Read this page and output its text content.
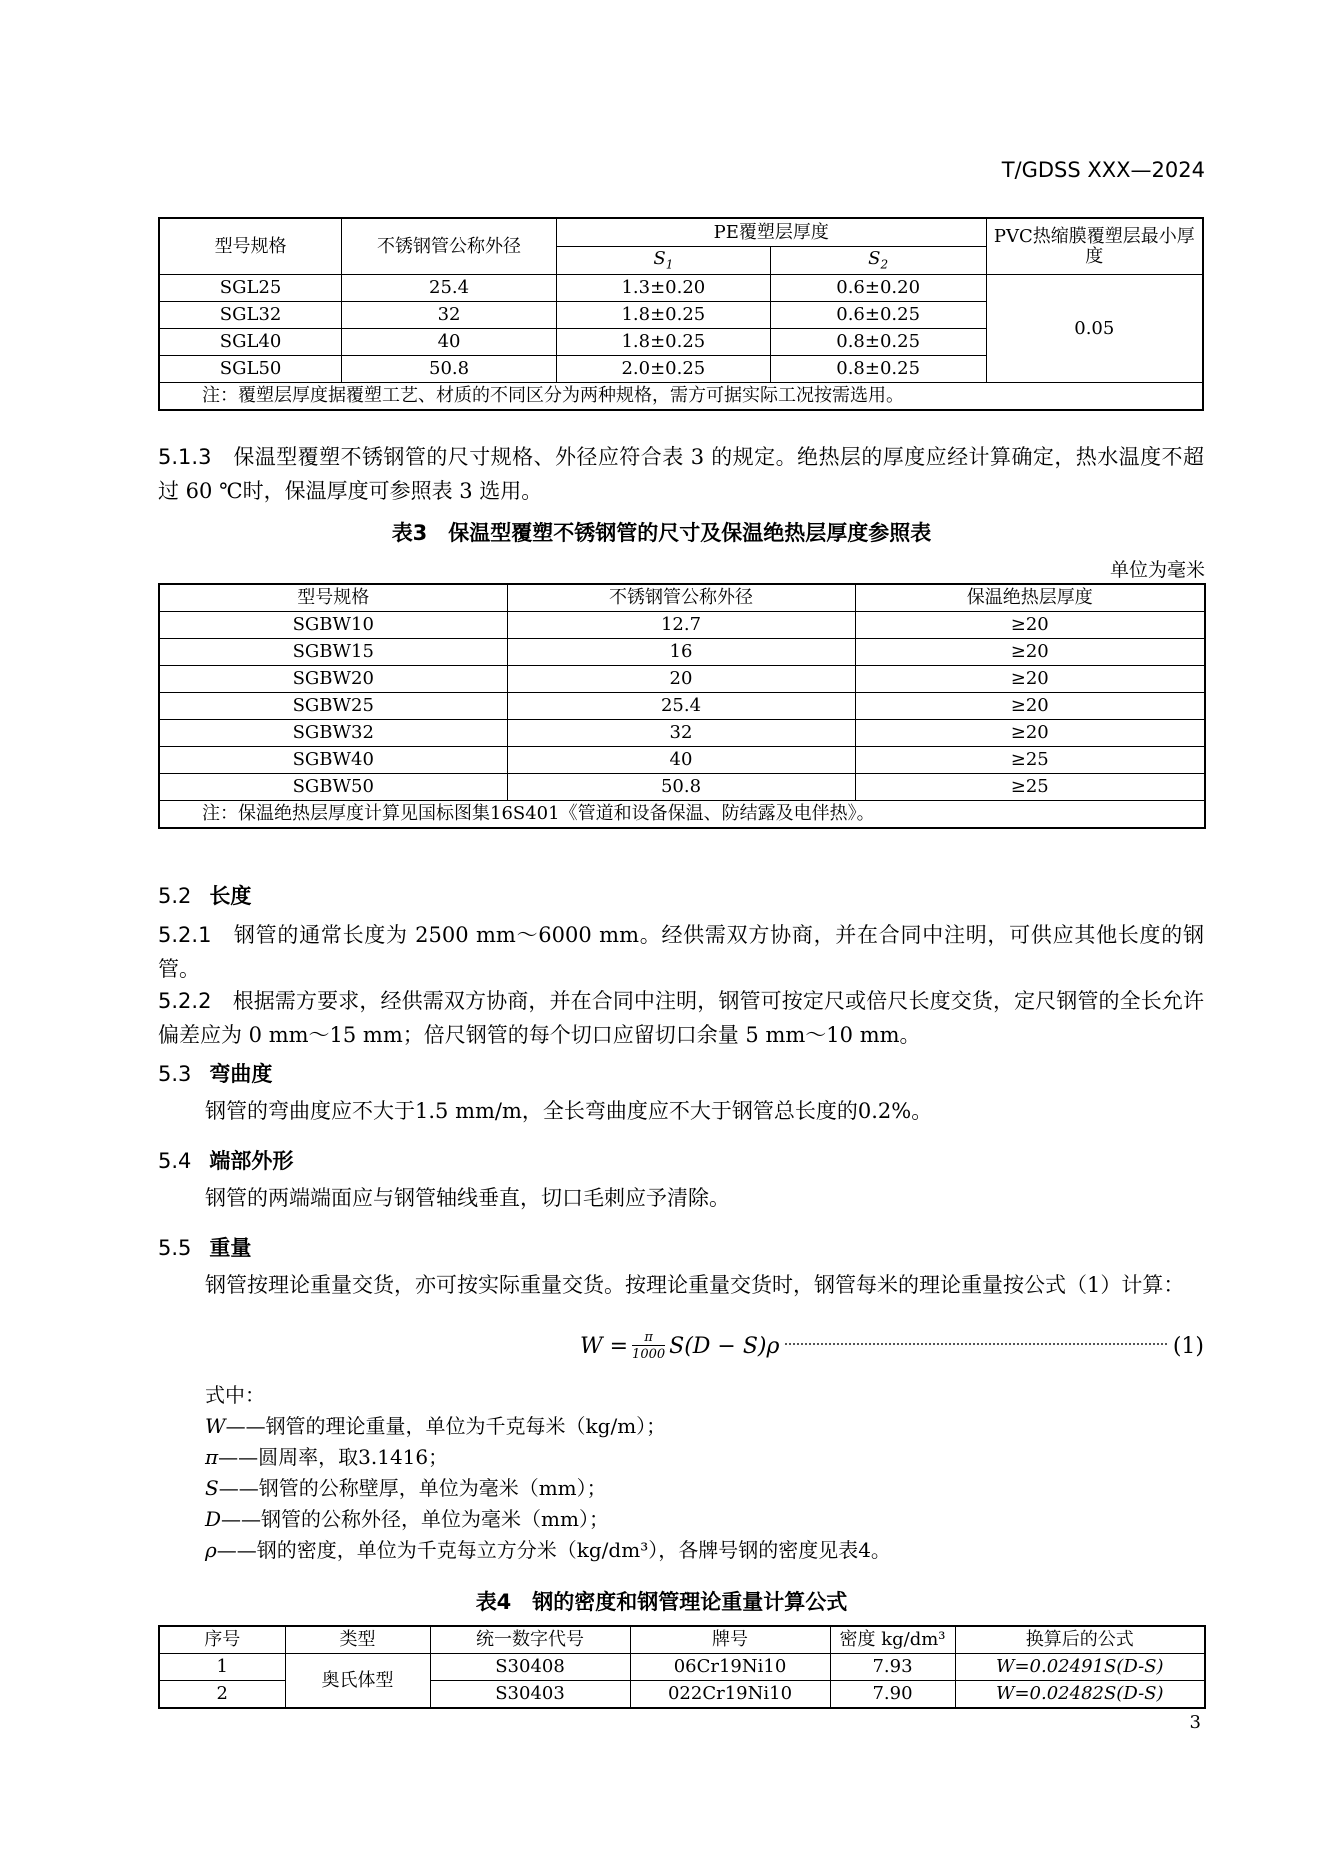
T/GDSS XXX—2024
型号规格	不锈钢管公称外径	PE覆塑层厚度		PVC热缩膜覆塑层最小厚度
		$S_1$	$S_2$
SGL25	25.4	1.3±0.20	0.6±0.20	0.05
SGL32	32	1.8±0.25	0.6±0.25	
SGL40	40	1.8±0.25	0.8±0.25	
SGL50	50.8	2.0±0.25	0.8±0.25	
注：覆塑层厚度据覆塑工艺、材质的不同区分为两种规格，需方可据实际工况按需选用。				
5.1.3　 保温型覆塑不锈钢管的尺寸规格、外径应符合表 3 的规定。绝热层的厚度应经计算确定，热水温度不超过 60 ℃时，保温厚度可参照表 3 选用。
表3　保温型覆塑不锈钢管的尺寸及保温绝热层厚度参照表
单位为毫米
型号规格	不锈钢管公称外径	保温绝热层厚度
SGBW10	12.7	≥20
SGBW15	16	≥20
SGBW20	20	≥20
SGBW25	25.4	≥20
SGBW32	32	≥20
SGBW40	40	≥25
SGBW50	50.8	≥25
注：保温绝热层厚度计算见国标图集16S401《管道和设备保温、防结露及电伴热》。		
5.2 长度
5.2.1　 钢管的通常长度为 2500 mm～6000 mm。经供需双方协商，并在合同中注明，可供应其他长度的钢管。
5.2.2　 根据需方要求，经供需双方协商，并在合同中注明，钢管可按定尺或倍尺长度交货，定尺钢管的全长允许偏差应为 0 mm～15 mm；倍尺钢管的每个切口应留切口余量 5 mm～10 mm。
5.3 弯曲度
钢管的弯曲度应不大于1.5 mm/m，全长弯曲度应不大于钢管总长度的0.2%。
5.4 端部外形
钢管的两端端面应与钢管轴线垂直，切口毛刺应予清除。
5.5 重量
钢管按理论重量交货，亦可按实际重量交货。按理论重量交货时，钢管每米的理论重量按公式（1）计算：
$W = \frac{\pi}{1000} S(D - S)\rho$	(1)
式中：
W——钢管的理论重量，单位为千克每米（kg/m）；
π——圆周率，取3.1416；
S——钢管的公称壁厚，单位为毫米（mm）；
D——钢管的公称外径，单位为毫米（mm）；
ρ——钢的密度，单位为千克每立方分米（kg/dm³），各牌号钢的密度见表4。
表4　钢的密度和钢管理论重量计算公式
序号	类型	统一数字代号	牌号	密度 kg/dm³	换算后的公式
1	奥氏体型	S30408	06Cr19Ni10	7.93	W=0.02491S(D-S)
2		S30403	022Cr19Ni10	7.90	W=0.02482S(D-S)
3
